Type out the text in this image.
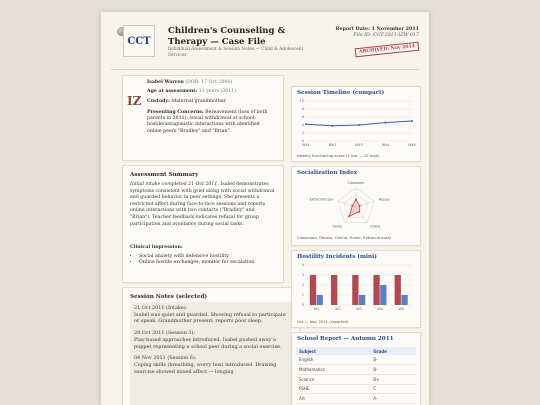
CCT
Children's Counseling & Therapy — Case File
Individual Assessment & Session Notes — Child & Adolescent Services
Report Date: 1 November 2011
File ID: CCT-2011-IZW-017
ARCHIVED: Nov 2014
IZ
Isabel Warren (DOB: 17 Oct 2000)
Age at assessment: 11 years (2011)
Custody: Maternal grandmother
Presenting Concerns: Bereavement (loss of both parents in 2011); social withdrawal at school; hostile/antagonistic interactions with identified online peers "Bradley" and "Brian".
Assessment Summary
Initial intake completed 21 Oct 2011. Isabel demonstrates symptoms consistent with grief along with social withdrawal and guarded behavior in peer settings. She presents a restricted affect during face-to-face sessions and reports online interactions with two contacts ("Bradley" and "Brian"). Teacher feedback indicates refusal for group participation and avoidance during social tasks.
Clinical impression:
• Social anxiety with defensive hostility
• Online hostile exchanges; monitor for escalation
Session Notes (selected)
21 Oct 2011 (Intake):
Isabel was quiet and guarded. Showing refusal to participate or speak. Grandmother present; reports poor sleep.
28 Oct 2011 (Session 3):
Play-based approaches introduced. Isabel pushed away a puppet representing a school peer during a social exercise.
04 Nov 2011 (Session 6):
Coping skills (breathing, worry box) introduced. Drawing exercise showed mixed affect — longing
Session Timeline (compact)
0
2
4
6
8
10
Wk1	Wk2	Wk3	Wk4	Wk5
Weekly functioning score (1 low — 10 high)
Socialization Index
Classroom
Recess
Online
Home
Extracurricular
Classroom, Recess, Online, Home, Extracurricular
Hostility Incidents (mini)
0
1
2
3
4
W1	W2	W3	W4	W5
Oct — Nov 2011 (reported)
School Report — Autumn 2011
Subject	Grade
English	B-
Mathematics	B-
Science	B+
PSHE	C
Art	A-
